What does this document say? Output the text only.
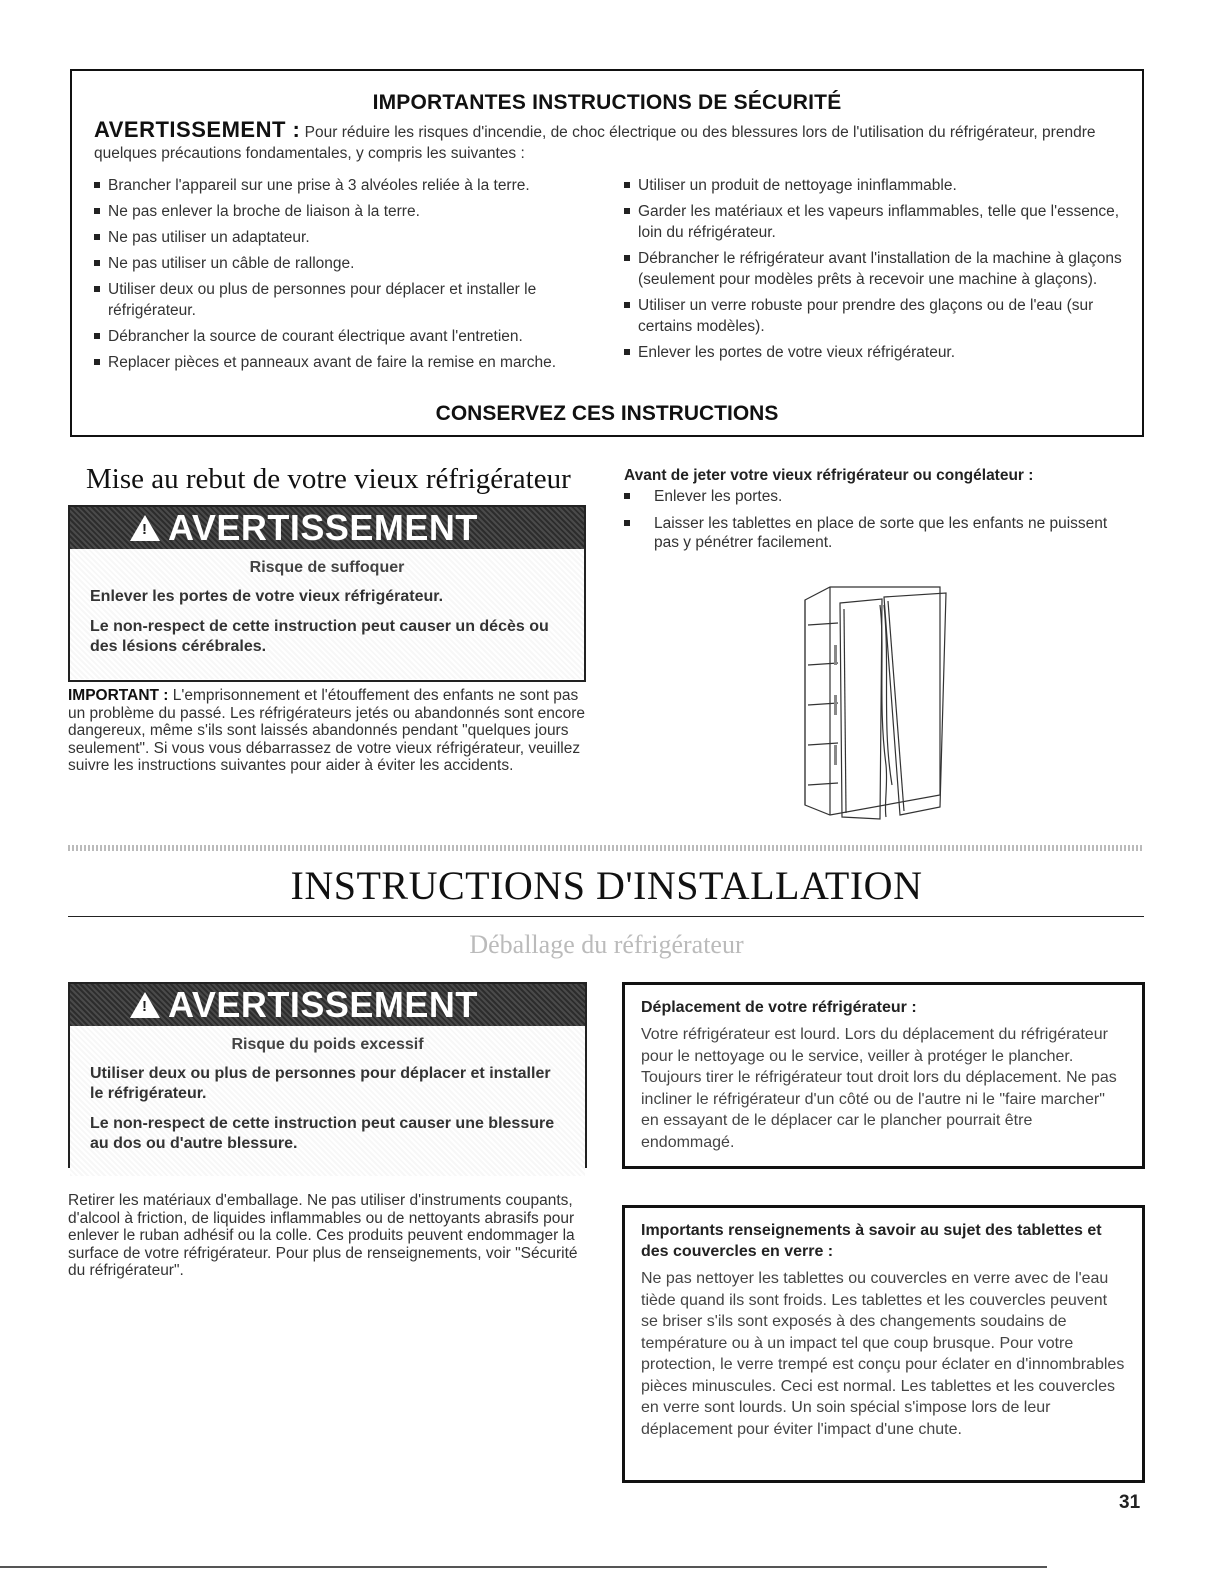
IMPORTANTES INSTRUCTIONS DE SÉCURITÉ
AVERTISSEMENT : Pour réduire les risques d'incendie, de choc électrique ou des blessures lors de l'utilisation du réfrigérateur, prendre quelques précautions fondamentales, y compris les suivantes :
Brancher l'appareil sur une prise à 3 alvéoles reliée à la terre.
Ne pas enlever la broche de liaison à la terre.
Ne pas utiliser un adaptateur.
Ne pas utiliser un câble de rallonge.
Utiliser deux ou plus de personnes pour déplacer et installer le réfrigérateur.
Débrancher la source de courant électrique avant l'entretien.
Replacer pièces et panneaux avant de faire la remise en marche.
Utiliser un produit de nettoyage ininflammable.
Garder les matériaux et les vapeurs inflammables, telle que l'essence, loin du réfrigérateur.
Débrancher le réfrigérateur avant l'installation de la machine à glaçons (seulement pour modèles prêts à recevoir une machine à glaçons).
Utiliser un verre robuste pour prendre des glaçons ou de l'eau (sur certains modèles).
Enlever les portes de votre vieux réfrigérateur.
CONSERVEZ CES INSTRUCTIONS
Mise au rebut de votre vieux réfrigérateur
! AVERTISSEMENT
Risque de suffoquer
Enlever les portes de votre vieux réfrigérateur.
Le non-respect de cette instruction peut causer un décès ou des lésions cérébrales.
IMPORTANT : L'emprisonnement et l'étouffement des enfants ne sont pas un problème du passé. Les réfrigérateurs jetés ou abandonnés sont encore dangereux, même s'ils sont laissés abandonnés pendant "quelques jours seulement". Si vous vous débarrassez de votre vieux réfrigérateur, veuillez suivre les instructions suivantes pour aider à éviter les accidents.
Avant de jeter votre vieux réfrigérateur ou congélateur :
Enlever les portes.
Laisser les tablettes en place de sorte que les enfants ne puissent pas y pénétrer facilement.
INSTRUCTIONS D'INSTALLATION
Déballage du réfrigérateur
! AVERTISSEMENT
Risque du poids excessif
Utiliser deux ou plus de personnes pour déplacer et installer le réfrigérateur.
Le non-respect de cette instruction peut causer une blessure au dos ou d'autre blessure.
Retirer les matériaux d'emballage. Ne pas utiliser d'instruments coupants, d'alcool à friction, de liquides inflammables ou de nettoyants abrasifs pour enlever le ruban adhésif ou la colle. Ces produits peuvent endommager la surface de votre réfrigérateur. Pour plus de renseignements, voir "Sécurité du réfrigérateur".
Déplacement de votre réfrigérateur :
Votre réfrigérateur est lourd. Lors du déplacement du réfrigérateur pour le nettoyage ou le service, veiller à protéger le plancher. Toujours tirer le réfrigérateur tout droit lors du déplacement. Ne pas incliner le réfrigérateur d'un côté ou de l'autre ni le "faire marcher" en essayant de le déplacer car le plancher pourrait être endommagé.
Importants renseignements à savoir au sujet des tablettes et des couvercles en verre :
Ne pas nettoyer les tablettes ou couvercles en verre avec de l'eau tiède quand ils sont froids. Les tablettes et les couvercles peuvent se briser s'ils sont exposés à des changements soudains de température ou à un impact tel que coup brusque. Pour votre protection, le verre trempé est conçu pour éclater en d'innombrables pièces minuscules. Ceci est normal. Les tablettes et les couvercles en verre sont lourds. Un soin spécial s'impose lors de leur déplacement pour éviter l'impact d'une chute.
31
